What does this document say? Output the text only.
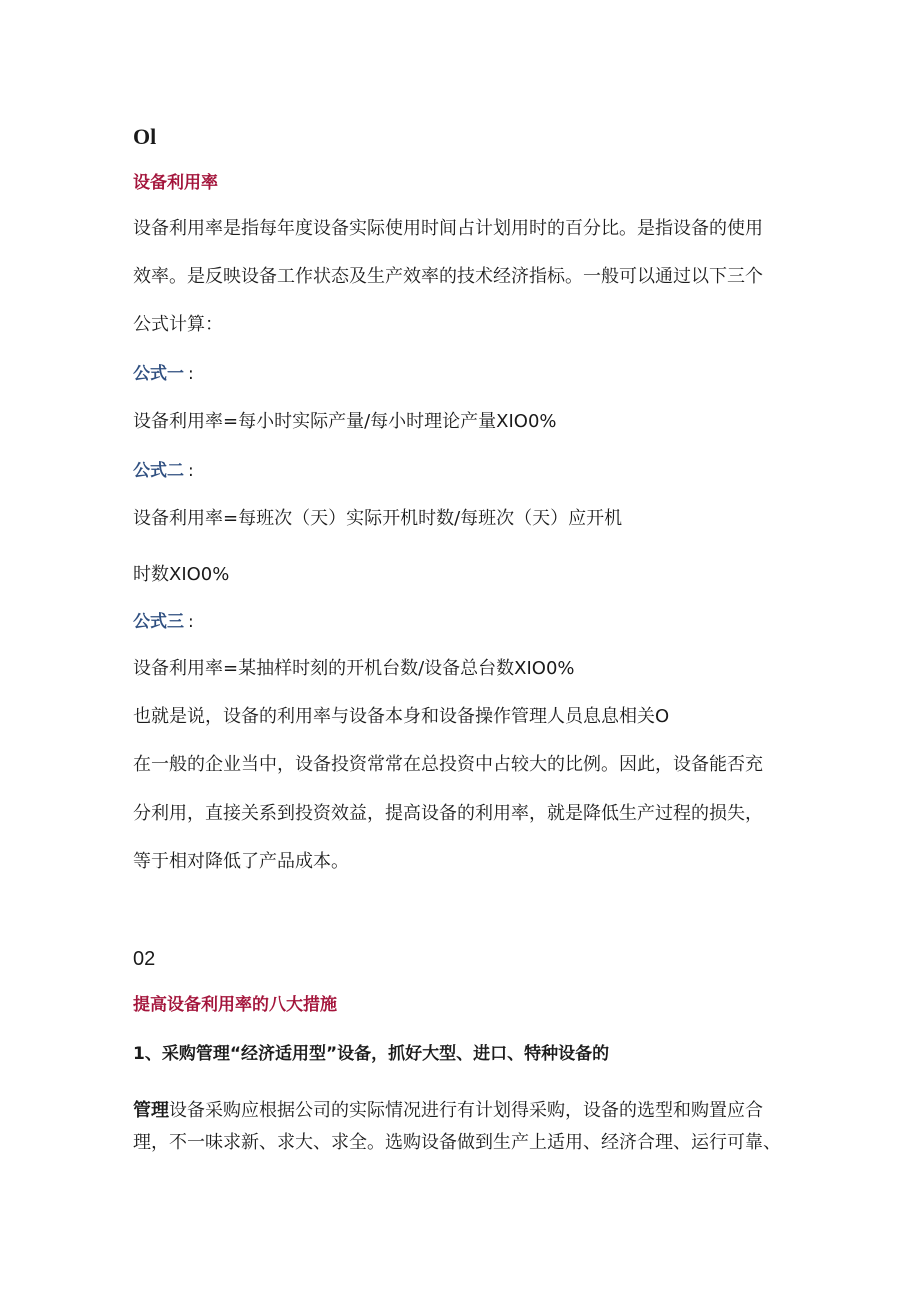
Ol
设备利用率
设备利用率是指每年度设备实际使用时间占计划用时的百分比。是指设备的使用
效率。是反映设备工作状态及生产效率的技术经济指标。一般可以通过以下三个
公式计算：
公式一 :
设备利用率=每小时实际产量/每小时理论产量XIO0%
公式二 :
设备利用率=每班次（天）实际开机时数/每班次（天）应开机
时数XIO0%
公式三 :
设备利用率=某抽样时刻的开机台数/设备总台数XIO0%
也就是说，设备的利用率与设备本身和设备操作管理人员息息相关O
在一般的企业当中，设备投资常常在总投资中占较大的比例。因此，设备能否充
分利用，直接关系到投资效益，提高设备的利用率，就是降低生产过程的损失，
等于相对降低了产品成本。
02
提高设备利用率的八大措施
1、采购管理“经济适用型”设备，抓好大型、进口、特种设备的
管理设备采购应根据公司的实际情况进行有计划得采购，设备的选型和购置应合
理，不一味求新、求大、求全。选购设备做到生产上适用、经济合理、运行可靠、
